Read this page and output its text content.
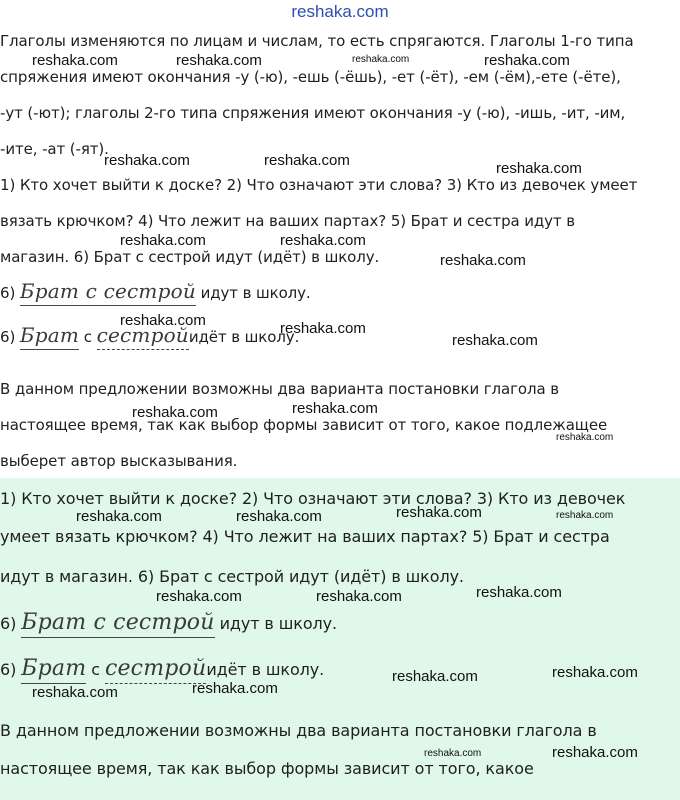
reshaka.com
Глаголы изменяются по лицам и числам, то есть спрягаются. Глаголы 1-го типа
спряжения имеют окончания -у (-ю), -ешь (-ёшь), -ет (-ёт), -ем (-ём),-ете (-ёте),
-ут (-ют); глаголы 2-го типа спряжения имеют окончания -у (-ю), -ишь, -ит, -им,
-ите, -ат (-ят).
1) Кто хочет выйти к доске? 2) Что означают эти слова? 3) Кто из девочек умеет
вязать крючком? 4) Что лежит на ваших партах? 5) Брат и сестра идут в
магазин. 6) Брат с сестрой идут (идёт) в школу.
6) Брат с сестрой идут в школу.
6) Брат с сестройидёт в школу.
В данном предложении возможны два варианта постановки глагола в
настоящее время, так как выбор формы зависит от того, какое подлежащее
выберет автор высказывания.
1) Кто хочет выйти к доске? 2) Что означают эти слова? 3) Кто из девочек
умеет вязать крючком? 4) Что лежит на ваших партах? 5) Брат и сестра
идут в магазин. 6) Брат с сестрой идут (идёт) в школу.
6) Брат с сестрой идут в школу.
6) Брат с сестройидёт в школу.
В данном предложении возможны два варианта постановки глагола в
настоящее время, так как выбор формы зависит от того, какое
reshaka.com	reshaka.com	reshaka.com	reshaka.com
reshaka.com	reshaka.com	reshaka.com
reshaka.com	reshaka.com
reshaka.com
reshaka.com	reshaka.com
reshaka.com
reshaka.com	reshaka.com
reshaka.com
reshaka.com	reshaka.com	reshaka.com	reshaka.com
reshaka.com	reshaka.com	reshaka.com
reshaka.com	reshaka.com
reshaka.com	reshaka.com
reshaka.com	reshaka.com
